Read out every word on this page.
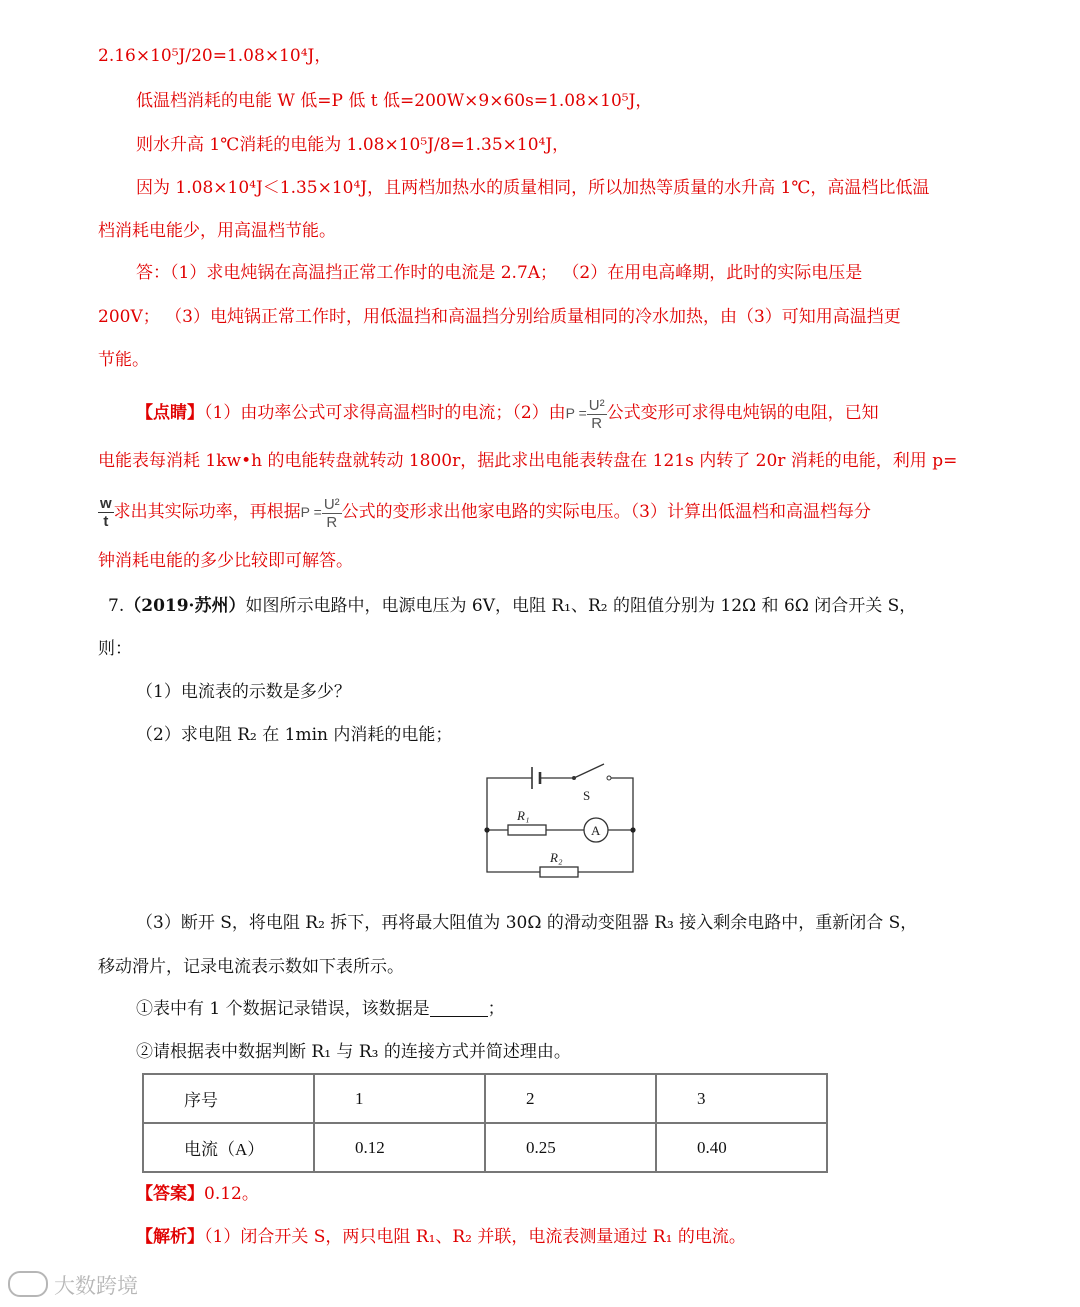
2.16×10⁵J/20=1.08×10⁴J，
低温档消耗的电能 W 低=P 低 t 低=200W×9×60s=1.08×10⁵J，
则水升高 1℃消耗的电能为 1.08×10⁵J/8=1.35×10⁴J，
因为 1.08×10⁴J＜1.35×10⁴J，且两档加热水的质量相同，所以加热等质量的水升高 1℃，高温档比低温
档消耗电能少，用高温档节能。
答：（1）求电炖锅在高温挡正常工作时的电流是 2.7A； （2）在用电高峰期，此时的实际电压是
200V； （3）电炖锅正常工作时，用低温挡和高温挡分别给质量相同的冷水加热，由（3）可知用高温挡更
节能。
【点睛】（1）由功率公式可求得高温档时的电流；（2）由$P = \frac{\text{U²}}{R}$ 公式变形可求得电炖锅的电阻，已知
电能表每消耗 1kw•h 的电能转盘就转动 1800r，据此求出电能表转盘在 121s 内转了 20r 消耗的电能，利用 p=
$\frac{w}{t}$ 求出其实际功率，再根据$P = \frac{\text{U²}}{R}$ 公式的变形求出他家电路的实际电压。（3）计算出低温档和高温档每分
钟消耗电能的多少比较即可解答。
7.（2019·苏州）如图所示电路中，电源电压为 6V，电阻 R₁、R₂ 的阻值分别为 12Ω 和 6Ω 闭合开关 S，
则：
（1）电流表的示数是多少？
（2）求电阻 R₂ 在 1min 内消耗的电能；
S
R₁
A
R₂
（3）断开 S，将电阻 R₂ 拆下，再将最大阻值为 30Ω 的滑动变阻器 R₃ 接入剩余电路中，重新闭合 S，
移动滑片，记录电流表示数如下表所示。
①表中有 1 个数据记录错误，该数据是	；
②请根据表中数据判断 R₁ 与 R₃ 的连接方式并简述理由。
序号	1	2	3
电流（A）	0.12	0.25	0.40
【答案】0.12。
【解析】（1）闭合开关 S，两只电阻 R₁、R₂ 并联，电流表测量通过 R₁ 的电流。
大数跨境
